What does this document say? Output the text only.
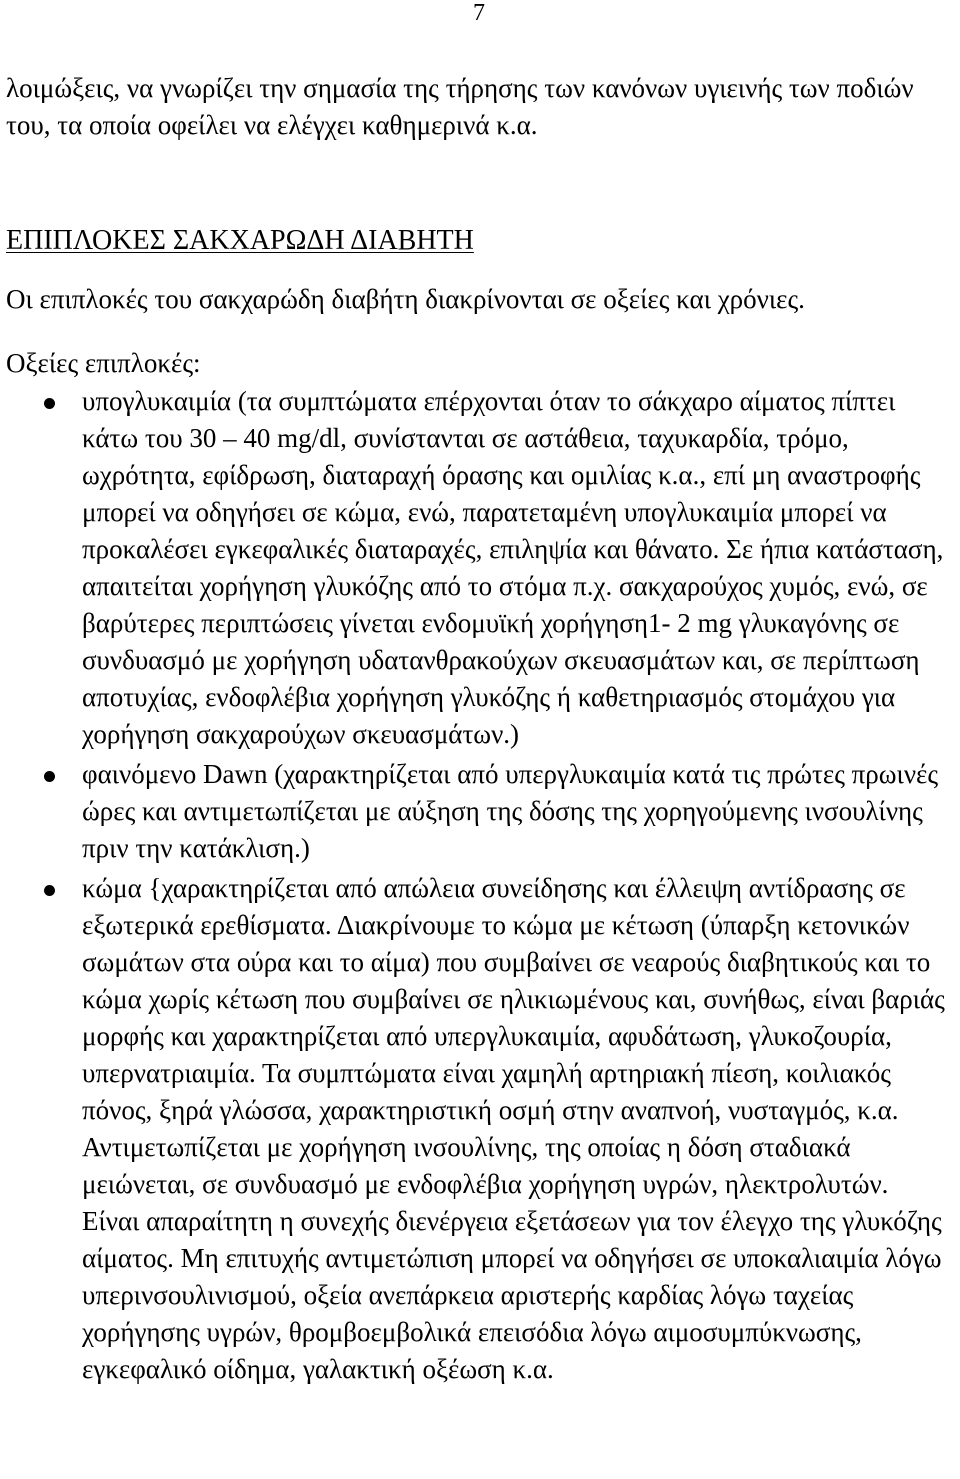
7

λοιμώξεις, να γνωρίζει την σημασία της τήρησης των κανόνων υγιεινής των ποδιών του, τα οποία οφείλει να ελέγχει καθημερινά κ.α.

ΕΠΙΠΛΟΚΕΣ ΣΑΚΧΑΡΩΔΗ ΔΙΑΒΗΤΗ

Οι επιπλοκές του σακχαρώδη διαβήτη διακρίνονται σε οξείες και χρόνιες.

Οξείες επιπλοκές:

υπογλυκαιμία (τα συμπτώματα επέρχονται όταν το σάκχαρο αίματος πίπτει κάτω του 30 – 40 mg/dl, συνίστανται σε αστάθεια, ταχυκαρδία, τρόμο, ωχρότητα, εφίδρωση, διαταραχή όρασης και ομιλίας κ.α., επί μη αναστροφής μπορεί να οδηγήσει σε κώμα, ενώ, παρατεταμένη υπογλυκαιμία μπορεί να προκαλέσει εγκεφαλικές διαταραχές, επιληψία και θάνατο. Σε ήπια κατάσταση, απαιτείται χορήγηση γλυκόζης από το στόμα π.χ. σακχαρούχος χυμός, ενώ, σε βαρύτερες περιπτώσεις γίνεται ενδομυϊκή χορήγηση1- 2 mg γλυκαγόνης σε συνδυασμό με χορήγηση υδατανθρακούχων σκευασμάτων και, σε περίπτωση αποτυχίας, ενδοφλέβια χορήγηση γλυκόζης ή καθετηριασμός στομάχου για χορήγηση σακχαρούχων σκευασμάτων.)
φαινόμενο Dawn (χαρακτηρίζεται από υπεργλυκαιμία κατά τις πρώτες πρωινές ώρες και αντιμετωπίζεται με αύξηση της δόσης της χορηγούμενης ινσουλίνης πριν την κατάκλιση.)
κώμα {χαρακτηρίζεται από απώλεια συνείδησης και έλλειψη αντίδρασης σε εξωτερικά ερεθίσματα. Διακρίνουμε το κώμα με κέτωση (ύπαρξη κετονικών σωμάτων στα ούρα και το αίμα) που συμβαίνει σε νεαρούς διαβητικούς και το κώμα χωρίς κέτωση που συμβαίνει σε ηλικιωμένους και, συνήθως, είναι βαριάς μορφής και χαρακτηρίζεται από υπεργλυκαιμία, αφυδάτωση, γλυκοζουρία, υπερνατριαιμία. Τα συμπτώματα είναι χαμηλή αρτηριακή πίεση, κοιλιακός πόνος, ξηρά γλώσσα, χαρακτηριστική οσμή στην αναπνοή, νυσταγμός, κ.α. Αντιμετωπίζεται με χορήγηση ινσουλίνης, της οποίας η δόση σταδιακά μειώνεται, σε συνδυασμό με ενδοφλέβια χορήγηση υγρών, ηλεκτρολυτών. Είναι απαραίτητη η συνεχής διενέργεια εξετάσεων για τον έλεγχο της γλυκόζης αίματος. Μη επιτυχής αντιμετώπιση μπορεί να οδηγήσει σε υποκαλιαιμία λόγω υπερινσουλινισμού, οξεία ανεπάρκεια αριστερής καρδίας λόγω ταχείας χορήγησης υγρών, θρομβοεμβολικά επεισόδια λόγω αιμοσυμπύκνωσης, εγκεφαλικό οίδημα, γαλακτική οξέωση κ.α.
